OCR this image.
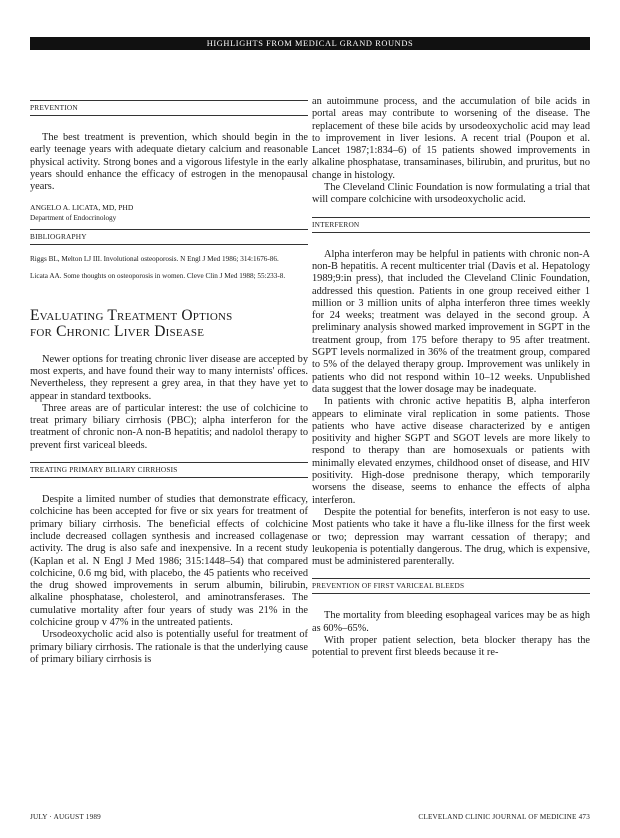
HIGHLIGHTS FROM MEDICAL GRAND ROUNDS
PREVENTION

The best treatment is prevention, which should begin in the early teenage years with adequate dietary calcium and reasonable physical activity. Strong bones and a vigorous lifestyle in the early years should enhance the efficacy of estrogen in the menopausal years.

ANGELO A. LICATA, MD, PHD
Department of Endocrinology
BIBLIOGRAPHY

Riggs BL, Melton LJ III. Involutional osteoporosis. N Engl J Med 1986; 314:1676-86.

Licata AA. Some thoughts on osteoporosis in women. Cleve Clin J Med 1988; 55:233-8.

Evaluating Treatment Options
for Chronic Liver Disease

Newer options for treating chronic liver disease are accepted by most experts, and have found their way to many internists' offices. Nevertheless, they represent a grey area, in that they have yet to appear in standard textbooks.

Three areas are of particular interest: the use of colchicine to treat primary biliary cirrhosis (PBC); alpha interferon for the treatment of chronic non-A non-B hepatitis; and nadolol therapy to prevent first variceal bleeds.

TREATING PRIMARY BILIARY CIRRHOSIS

Despite a limited number of studies that demonstrate efficacy, colchicine has been accepted for five or six years for treatment of primary biliary cirrhosis. The beneficial effects of colchicine include decreased collagen synthesis and increased collagenase activity. The drug is also safe and inexpensive. In a recent study (Kaplan et al. N Engl J Med 1986; 315:1448–54) that compared colchicine, 0.6 mg bid, with placebo, the 45 patients who received the drug showed improvements in serum albumin, bilirubin, alkaline phosphatase, cholesterol, and aminotransferases. The cumulative mortality after four years of study was 21% in the colchicine group v 47% in the untreated patients.

Ursodeoxycholic acid also is potentially useful for treatment of primary biliary cirrhosis. The rationale is that the underlying cause of primary biliary cirrhosis is

an autoimmune process, and the accumulation of bile acids in portal areas may contribute to worsening of the disease. The replacement of these bile acids by ursodeoxycholic acid may lead to improvement in liver lesions. A recent trial (Poupon et al. Lancet 1987;1:834–6) of 15 patients showed improvements in alkaline phosphatase, transaminases, bilirubin, and pruritus, but no change in histology.

The Cleveland Clinic Foundation is now formulating a trial that will compare colchicine with ursodeoxycholic acid.

INTERFERON

Alpha interferon may be helpful in patients with chronic non-A non-B hepatitis. A recent multicenter trial (Davis et al. Hepatology 1989;9:in press), that included the Cleveland Clinic Foundation, addressed this question. Patients in one group received either 1 million or 3 million units of alpha interferon three times weekly for 24 weeks; treatment was delayed in the second group. A preliminary analysis showed marked improvement in SGPT in the treatment group, from 175 before therapy to 95 after treatment. SGPT levels normalized in 36% of the treatment group, compared to 5% of the delayed therapy group. Improvement was unlikely in patients who did not respond within 10–12 weeks. Unpublished data suggest that the lower dosage may be inadequate.

In patients with chronic active hepatitis B, alpha interferon appears to eliminate viral replication in some patients. Those patients who have active disease characterized by e antigen positivity and higher SGPT and SGOT levels are more likely to respond to therapy than are homosexuals or patients with minimally elevated enzymes, childhood onset of disease, and HIV positivity. High-dose prednisone therapy, which temporarily worsens the disease, seems to enhance the effects of alpha interferon.

Despite the potential for benefits, interferon is not easy to use. Most patients who take it have a flu-like illness for the first week or two; depression may warrant cessation of therapy; and leukopenia is potentially dangerous. The drug, which is expensive, must be administered parenterally.

PREVENTION OF FIRST VARICEAL BLEEDS

The mortality from bleeding esophageal varices may be as high as 60%–65%.

With proper patient selection, beta blocker therapy has the potential to prevent first bleeds because it re-

JULY · AUGUST 1989	CLEVELAND CLINIC JOURNAL OF MEDICINE 473
